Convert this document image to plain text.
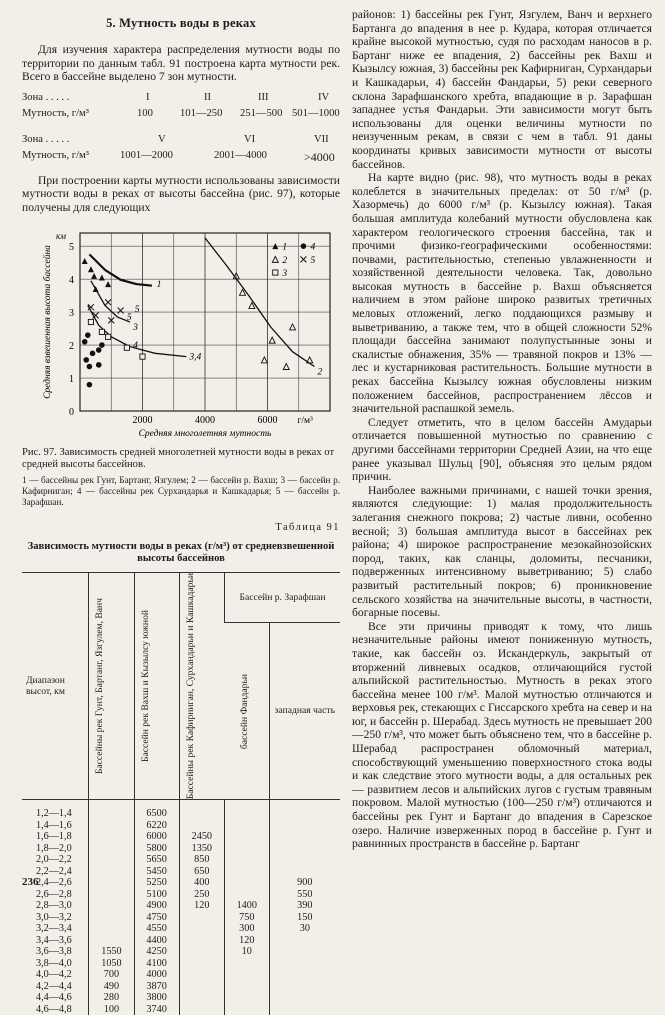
5. Мутность воды в реках

Для изучения характера распределения мутности воды по территории по данным табл. 91 построена карта мутности рек. Всего в бассейне выделено 7 зон мутности.

Зона . . . . .	I	II	III	IV
Мутность, г/м³	100	101—250 251—500 501—1000
Зона . . . . .	V	VI	VII
Мутность, г/м³	1001—2000	2001—4000	>4000

При построении карты мутности использованы зависимости мутности воды в реках от высоты бассейна (рис. 97), которые получены для следующих

0
1
2
3
4
5
км
Средняя взвешенная высота бассейна
2000	4000	6000 г/м³
Средняя многолетняя мутность
1
2
3
4
5
5
3,4
1
2
3
4
5
Рис. 97. Зависимость средней многолетней мутности воды в реках от средней высоты бассейнов.
1 — бассейны рек Гунт, Бартанг, Язгулем; 2 — бассейн р. Вахш; 3 — бассейн р. Кафирниган; 4 — бассейны рек Сурхандарья и Кашкадарья; 5 — бассейн р. Зарафшан.
Таблица 91
Зависимость мутности воды в реках (г/м³) от средневзвешенной высоты бассейнов
Диапазон высот, км	Бассейны рек Гунт, Бартанг, Язгулем, Ванч	Бассейн рек Вахш и Кызылсу южной	Бассейны рек Кафирниган, Сурхандарьи и Кашкадарьи	Бассейн р. Зарафшан	

				бассейн Фандарьи	западная часть

1,2—1,4		6500			
1,4—1,6		6220			
1,6—1,8		6000	2450		
1,8—2,0		5800	1350		
2,0—2,2		5650	850		
2,2—2,4		5450	650		
2,4—2,6		5250	400		900
2,6—2,8		5100	250		550
2,8—3,0		4900	120	1400	390
3,0—3,2		4750		750	150
3,2—3,4		4550		300	30
3,4—3,6		4400		120	
3,6—3,8	1550	4250		10	
3,8—4,0	1050	4100			
4,0—4,2	700	4000			
4,2—4,4	490	3870			
4,4—4,6	280	3800			
4,6—4,8	100	3740			

районов: 1) бассейны рек Гунт, Язгулем, Ванч и верхнего Бартанга до впадения в нее р. Кудара, которая отличается крайне высокой мутностью, судя по расходам наносов в р. Бартанг ниже ее впадения, 2) бассейны рек Вахш и Кызылсу южная, 3) бассейны рек Кафирниган, Сурхандарьи и Кашкадарьи, 4) бассейн Фандарьи, 5) реки северного склона Зарафшанского хребта, впадающие в р. Зарафшан западнее устья Фандарьи. Эти зависимости могут быть использованы для оценки величины мутности по неизученным рекам, в связи с чем в табл. 91 даны координаты кривых зависимости мутности от высоты бассейнов.

На карте видно (рис. 98), что мутность воды в реках колеблется в значительных пределах: от 50 г/м³ (р. Хазормечь) до 6000 г/м³ (р. Кызылсу южная). Такая большая амплитуда колебаний мутности обусловлена как характером геологического строения бассейна, так и прочими физико-географическими особенностями: почвами, растительностью, степенью увлажненности и хозяйственной деятельности человека. Так, довольно высокая мутность в бассейне р. Вахш объясняется наличием в этом районе широко развитых третичных меловых отложений, легко поддающихся размыву и выветриванию, а также тем, что в общей сложности 52% площади бассейна занимают полупустынные зоны и скалистые обнажения, 35% — травяной покров и 13% — лес и кустарниковая растительность. Большие мутности в реках бассейна Кызылсу южная обусловлены низким положением бассейнов, распространением лёссов и значительной распашкой земель.

Следует отметить, что в целом бассейн Амударьи отличается повышенной мутностью по сравнению с другими бассейнами территории Средней Азии, на что еще ранее указывал Шульц [90], объясняя это целым рядом причин.

Наиболее важными причинами, с нашей точки зрения, являются следующие: 1) малая продолжительность залегания снежного покрова; 2) частые ливни, особенно весной; 3) большая амплитуда высот в бассейнах рек района; 4) широкое распространение мезокайнозойских пород, таких, как сланцы, доломиты, песчаники, подверженных интенсивному выветриванию; 5) слабо развитый растительный покров; 6) проникновение сельского хозяйства на значительные высоты, в частности, богарные посевы.

Все эти причины приводят к тому, что лишь незначительные районы имеют пониженную мутность, такие, как бассейн оз. Искандеркуль, закрытый от вторжений ливневых осадков, отличающийся густой альпийской растительностью. Мутность в реках этого бассейна менее 100 г/м³. Малой мутностью отличаются и верховья рек, стекающих с Гиссарского хребта на север и на юг, и бассейн р. Шерабад. Здесь мутность не превышает 200—250 г/м³, что может быть объяснено тем, что в бассейне р. Шерабад распространен обломочный материал, способствующий уменьшению поверхностного стока воды и как следствие этого мутности воды, а для остальных рек — развитием лесов и альпийских лугов с густым травяным покровом. Малой мутностью (100—250 г/м³) отличаются и бассейны рек Гунт и Бартанг до впадения в Сарезское озеро. Наличие изверженных пород в бассейне р. Гунт и равнинных пространств в бассейне р. Бартанг

236
